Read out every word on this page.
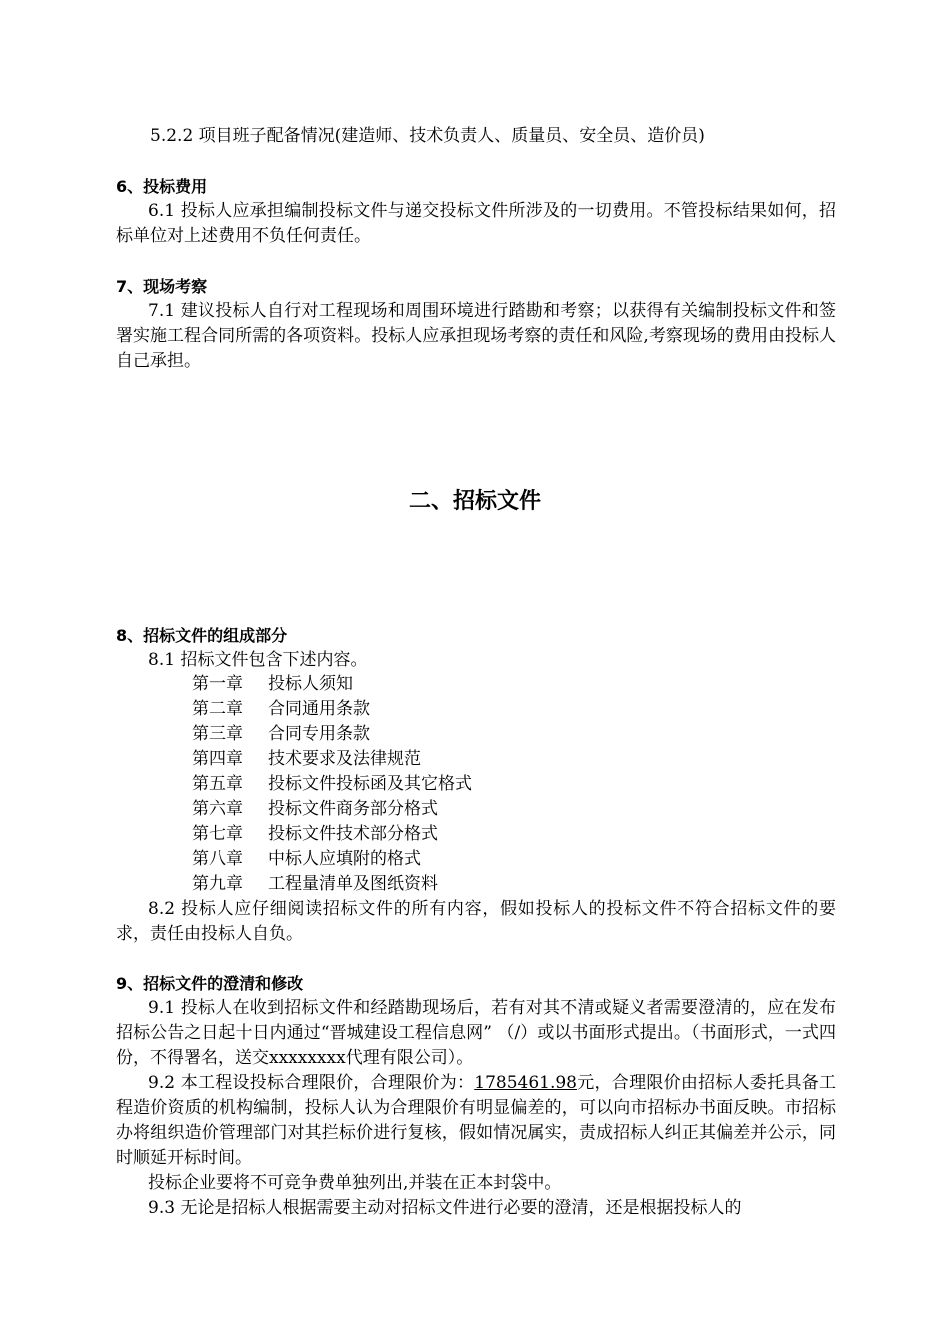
5.2.2 项目班子配备情况(建造师、技术负责人、质量员、安全员、造价员)

6、投标费用

6.1 投标人应承担编制投标文件与递交投标文件所涉及的一切费用。不管投标结果如何，招标单位对上述费用不负任何责任。

7、现场考察

7.1 建议投标人自行对工程现场和周围环境进行踏勘和考察；以获得有关编制投标文件和签署实施工程合同所需的各项资料。投标人应承担现场考察的责任和风险,考察现场的费用由投标人自己承担。

二、招标文件
8、招标文件的组成部分

8.1 招标文件包含下述内容。

第一章 投标人须知
第二章 合同通用条款
第三章 合同专用条款
第四章 技术要求及法律规范
第五章 投标文件投标函及其它格式
第六章 投标文件商务部分格式
第七章 投标文件技术部分格式
第八章 中标人应填附的格式
第九章 工程量清单及图纸资料

8.2 投标人应仔细阅读招标文件的所有内容，假如投标人的投标文件不符合招标文件的要求，责任由投标人自负。

9、招标文件的澄清和修改

9.1 投标人在收到招标文件和经踏勘现场后，若有对其不清或疑义者需要澄清的，应在发布招标公告之日起十日内通过“晋城建设工程信息网” （/）或以书面形式提出。（书面形式，一式四份，不得署名，送交xxxxxxxx代理有限公司）。

9.2 本工程设投标合理限价，合理限价为：1785461.98元，合理限价由招标人委托具备工程造价资质的机构编制，投标人认为合理限价有明显偏差的，可以向市招标办书面反映。市招标办将组织造价管理部门对其拦标价进行复核，假如情况属实，责成招标人纠正其偏差并公示，同时顺延开标时间。

投标企业要将不可竞争费单独列出,并装在正本封袋中。

9.3 无论是招标人根据需要主动对招标文件进行必要的澄清，还是根据投标人的
